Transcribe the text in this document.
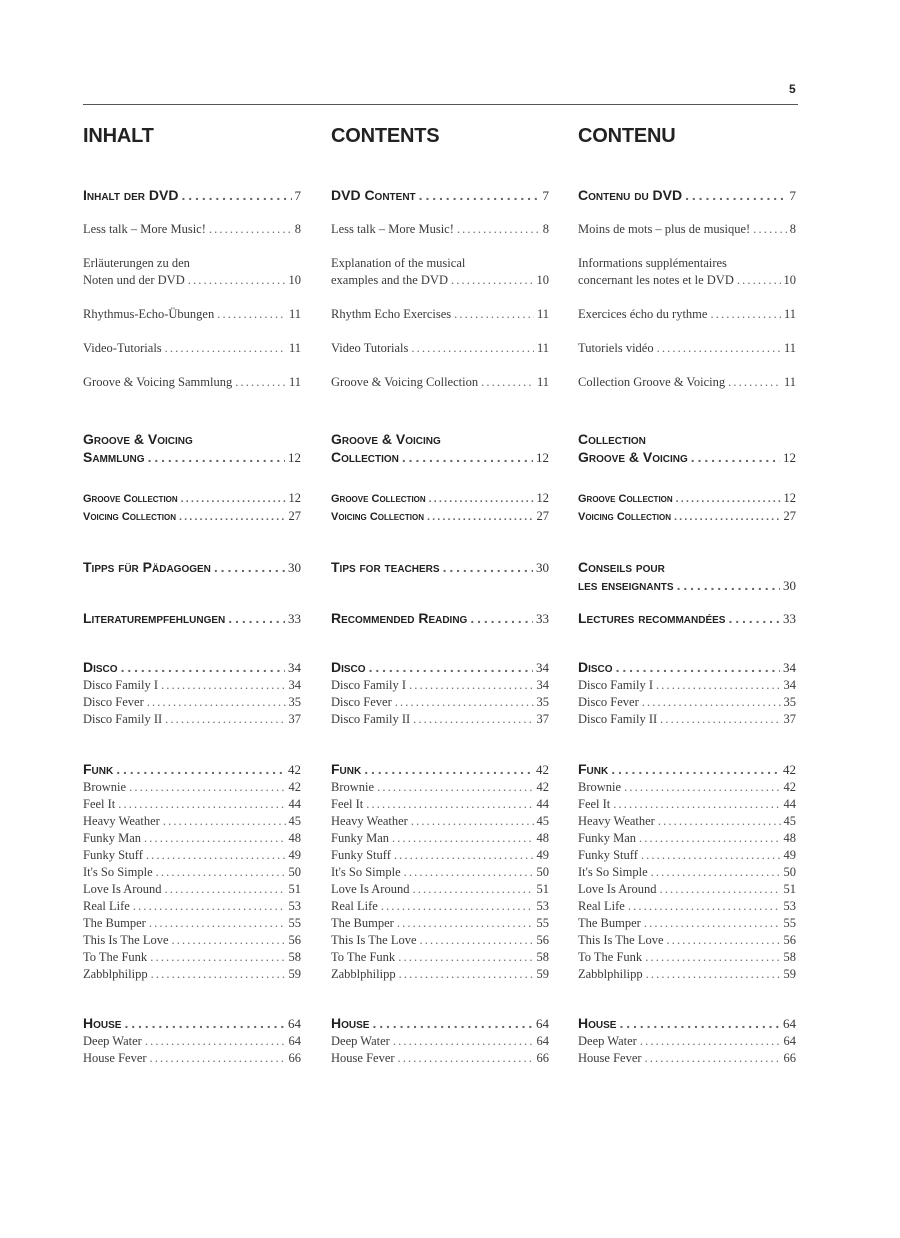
5
INHALT
Inhalt der DVD . . .	7
Less talk – More Music! . . .	8
Erläuterungen zu den
Noten und der DVD . . .	10
Rhythmus-Echo-Übungen . . .	11
Video-Tutorials . . .	11
Groove & Voicing Sammlung . . .	11
Groove & Voicing
Sammlung . . .	12
Groove Collection . . .	12
Voicing Collection . . .	27
Tipps für Pädagogen . . .	30
Literaturempfehlungen . . .	33
Disco . . .	34
Disco Family I . . .	34
Disco Fever . . .	35
Disco Family II . . .	37
Funk . . .	42
Brownie . . .	42
Feel It . . .	44
Heavy Weather . . .	45
Funky Man . . .	48
Funky Stuff . . .	49
It's So Simple . . .	50
Love Is Around . . .	51
Real Life . . .	53
The Bumper . . .	55
This Is The Love . . .	56
To The Funk . . .	58
Zabblphilipp . . .	59
House . . .	64
Deep Water . . .	64
House Fever . . .	66
CONTENTS
DVD Content . . .	7
Less talk – More Music! . . .	8
Explanation of the musical
examples and the DVD . . .	10
Rhythm Echo Exercises . . .	11
Video Tutorials . . .	11
Groove & Voicing Collection . . .	11
Groove & Voicing
Collection . . .	12
Groove Collection . . .	12
Voicing Collection . . .	27
Tips for teachers . . .	30
Recommended Reading . . .	33
Disco . . .	34
Disco Family I . . .	34
Disco Fever . . .	35
Disco Family II . . .	37
Funk . . .	42
Brownie . . .	42
Feel It . . .	44
Heavy Weather . . .	45
Funky Man . . .	48
Funky Stuff . . .	49
It's So Simple . . .	50
Love Is Around . . .	51
Real Life . . .	53
The Bumper . . .	55
This Is The Love . . .	56
To The Funk . . .	58
Zabblphilipp . . .	59
House . . .	64
Deep Water . . .	64
House Fever . . .	66
CONTENU
Contenu du DVD . . .	7
Moins de mots – plus de musique! . . .	8
Informations supplémentaires
concernant les notes et le DVD . . .	10
Exercices écho du rythme . . .	11
Tutoriels vidéo . . .	11
Collection Groove & Voicing . . .	11
Collection
Groove & Voicing . . .	12
Groove Collection . . .	12
Voicing Collection . . .	27
Conseils pour
les enseignants . . .	30
Lectures recommandées . . .	33
Disco . . .	34
Disco Family I . . .	34
Disco Fever . . .	35
Disco Family II . . .	37
Funk . . .	42
Brownie . . .	42
Feel It . . .	44
Heavy Weather . . .	45
Funky Man . . .	48
Funky Stuff . . .	49
It's So Simple . . .	50
Love Is Around . . .	51
Real Life . . .	53
The Bumper . . .	55
This Is The Love . . .	56
To The Funk . . .	58
Zabblphilipp . . .	59
House . . .	64
Deep Water . . .	64
House Fever . . .	66
